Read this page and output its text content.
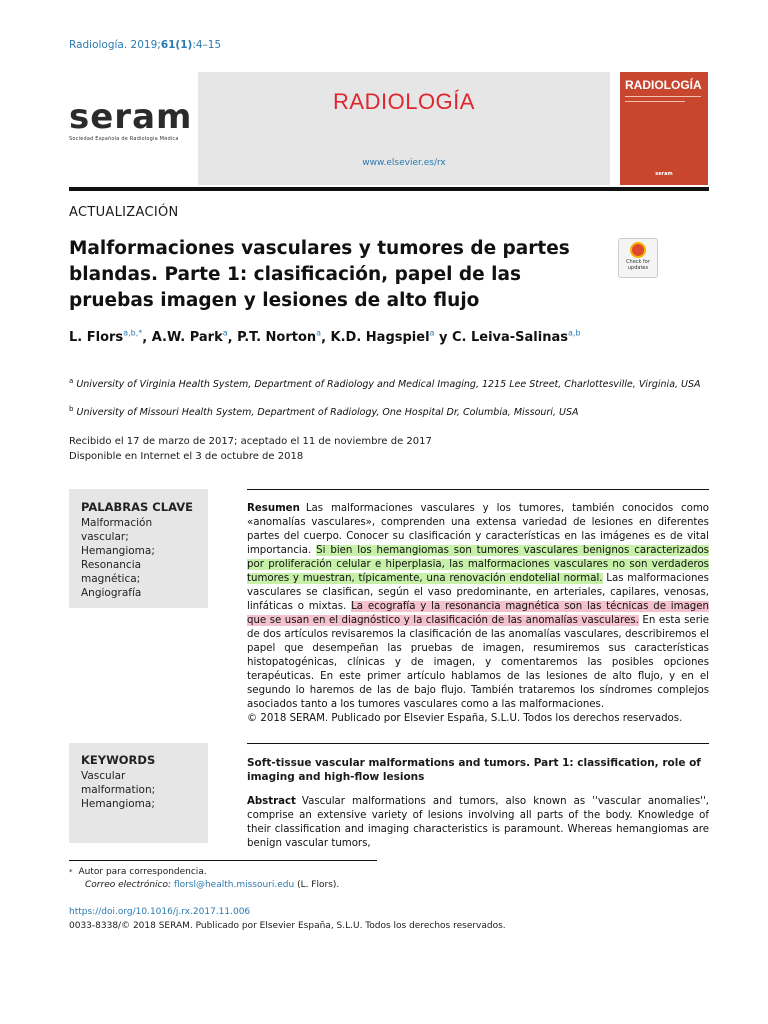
Radiología. 2019;61(1):4–15
seram
Sociedad Española de Radiología Médica
RADIOLOGÍA
www.elsevier.es/rx
RADIOLOGÍA
seram
ACTUALIZACIÓN
Malformaciones vasculares y tumores de partes blandas. Parte 1: clasificación, papel de las pruebas imagen y lesiones de alto flujo
Check for updates
L. Flors$^{a,b,*}$, A.W. Park$^a$, P.T. Norton$^a$, K.D. Hagspiel$^a$ y C. Leiva-Salinas$^{a,b}$
$^a$ University of Virginia Health System, Department of Radiology and Medical Imaging, 1215 Lee Street, Charlottesville, Virginia, USA
$^b$ University of Missouri Health System, Department of Radiology, One Hospital Dr, Columbia, Missouri, USA
Recibido el 17 de marzo de 2017; aceptado el 11 de noviembre de 2017
Disponible en Internet el 3 de octubre de 2018
PALABRAS CLAVE
Malformación
vascular;
Hemangioma;
Resonancia
magnética;
Angiografía
Resumen Las malformaciones vasculares y los tumores, también conocidos como «anomalías vasculares», comprenden una extensa variedad de lesiones en diferentes partes del cuerpo. Conocer su clasificación y características en las imágenes es de vital importancia. Si bien los hemangiomas son tumores vasculares benignos caracterizados por proliferación celular e hiperplasia, las malformaciones vasculares no son verdaderos tumores y muestran, típicamente, una renovación endotelial normal. Las malformaciones vasculares se clasifican, según el vaso predominante, en arteriales, capilares, venosas, linfáticas o mixtas. La ecografía y la resonancia magnética son las técnicas de imagen que se usan en el diagnóstico y la clasificación de las anomalías vasculares. En esta serie de dos artículos revisaremos la clasificación de las anomalías vasculares, describiremos el papel que desempeñan las pruebas de imagen, resumiremos sus características histopatogénicas, clínicas y de imagen, y comentaremos las posibles opciones terapéuticas. En este primer artículo hablamos de las lesiones de alto flujo, y en el segundo lo haremos de las de bajo flujo. También trataremos los síndromes complejos asociados tanto a los tumores vasculares como a las malformaciones.
© 2018 SERAM. Publicado por Elsevier España, S.L.U. Todos los derechos reservados.
KEYWORDS
Vascular
malformation;
Hemangioma;
Soft-tissue vascular malformations and tumors. Part 1: classification, role of imaging and high-flow lesions
Abstract Vascular malformations and tumors, also known as ''vascular anomalies'', comprise an extensive variety of lesions involving all parts of the body. Knowledge of their classification and imaging characteristics is paramount. Whereas hemangiomas are benign vascular tumors,
* Autor para correspondencia.
Correo electrónico: florsl@health.missouri.edu (L. Flors).
https://doi.org/10.1016/j.rx.2017.11.006
0033-8338/© 2018 SERAM. Publicado por Elsevier España, S.L.U. Todos los derechos reservados.
